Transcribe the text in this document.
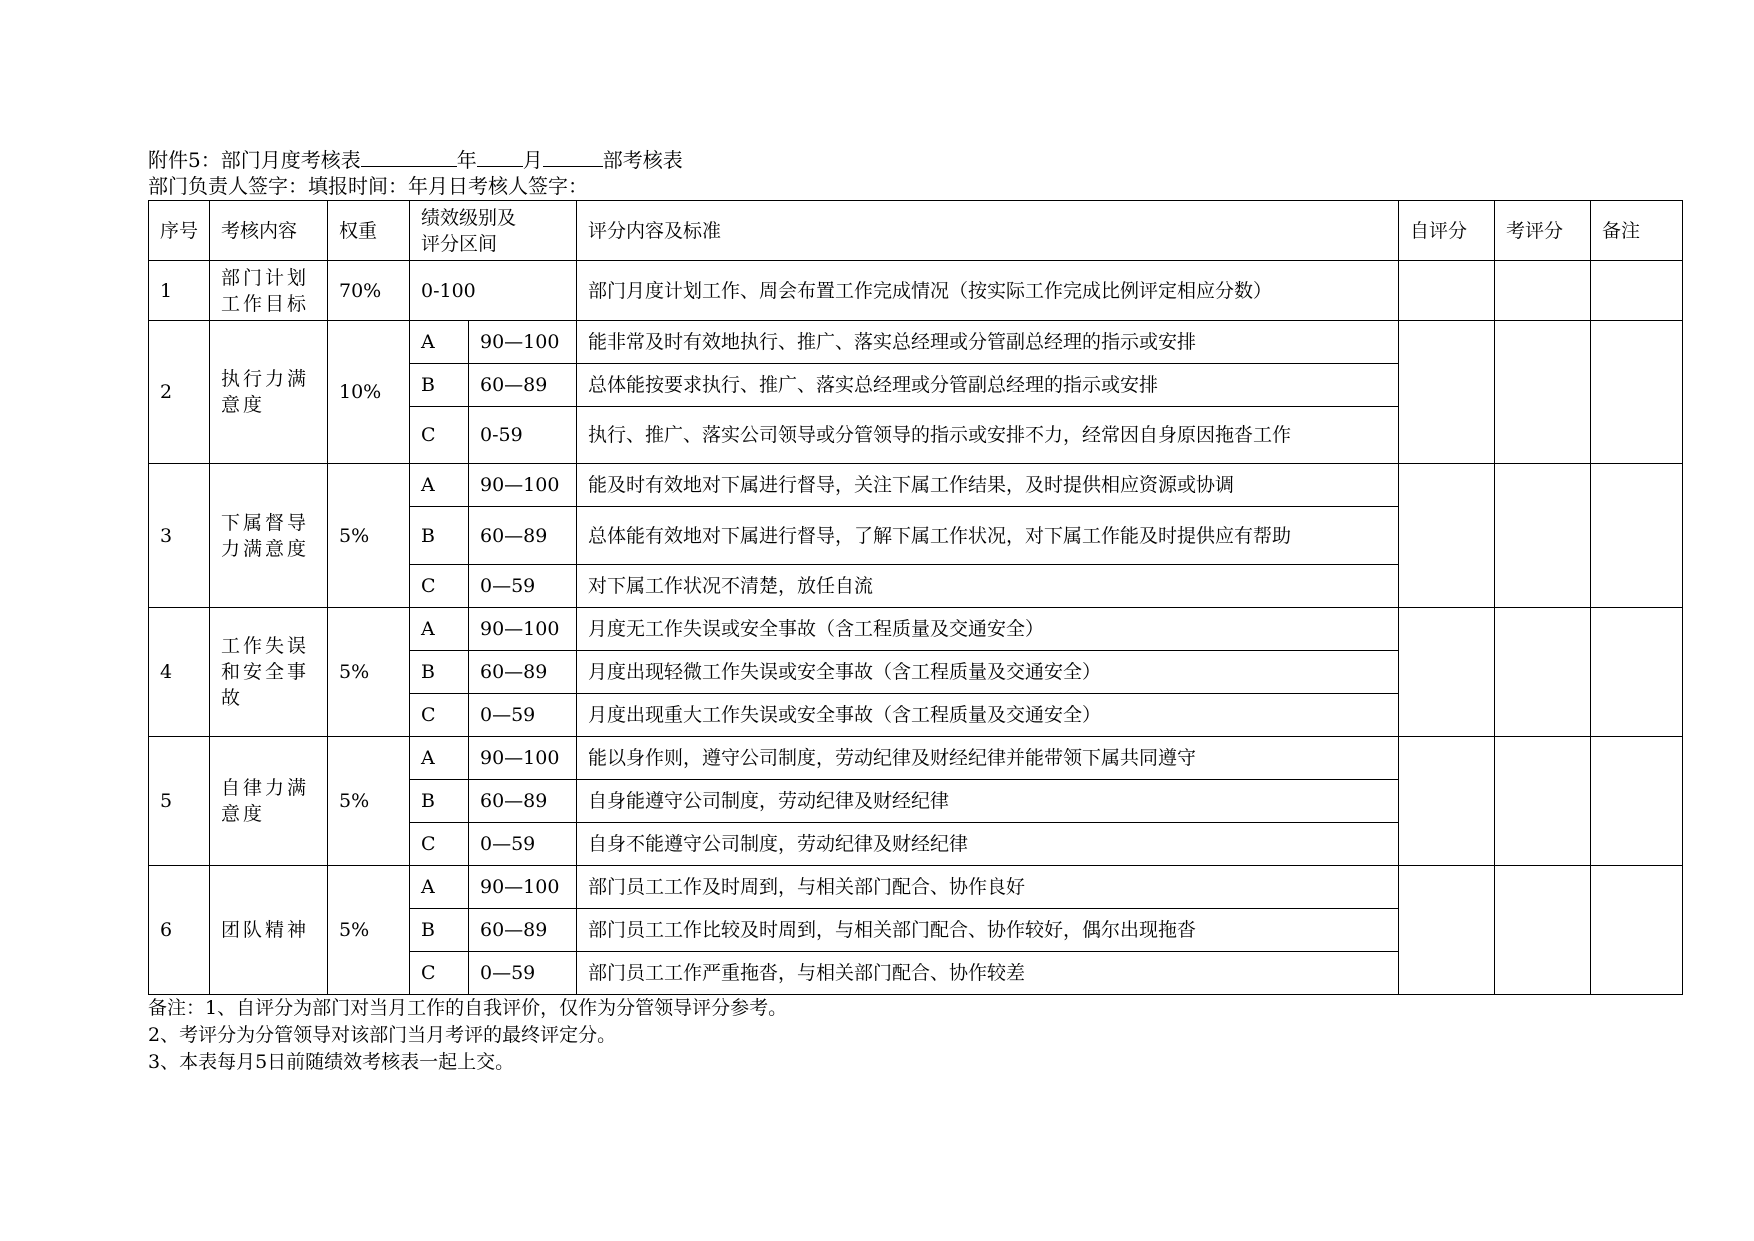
附件5：部门月度考核表	年 月	部考核表
部门负责人签字：填报时间：年月日考核人签字：
序号	考核内容	权重	绩效级别及评分区间		评分内容及标准	自评分	考评分	备注
1	部门计划工作目标	70%	0-100		部门月度计划工作、周会布置工作完成情况（按实际工作完成比例评定相应分数）			
2	执行力满意度	10%	A	90—100	能非常及时有效地执行、推广、落实总经理或分管副总经理的指示或安排			
			B	60—89	总体能按要求执行、推广、落实总经理或分管副总经理的指示或安排			
			C	0-59	执行、推广、落实公司领导或分管领导的指示或安排不力，经常因自身原因拖沓工作			
3	下属督导力满意度	5%	A	90—100	能及时有效地对下属进行督导，关注下属工作结果，及时提供相应资源或协调			
			B	60—89	总体能有效地对下属进行督导，了解下属工作状况，对下属工作能及时提供应有帮助			
			C	0—59	对下属工作状况不清楚，放任自流			
4	工作失误和安全事故	5%	A	90—100	月度无工作失误或安全事故（含工程质量及交通安全）			
			B	60—89	月度出现轻微工作失误或安全事故（含工程质量及交通安全）			
			C	0—59	月度出现重大工作失误或安全事故（含工程质量及交通安全）			
5	自律力满意度	5%	A	90—100	能以身作则，遵守公司制度，劳动纪律及财经纪律并能带领下属共同遵守			
			B	60—89	自身能遵守公司制度，劳动纪律及财经纪律			
			C	0—59	自身不能遵守公司制度，劳动纪律及财经纪律			
6	团队精神	5%	A	90—100	部门员工工作及时周到，与相关部门配合、协作良好			
			B	60—89	部门员工工作比较及时周到，与相关部门配合、协作较好，偶尔出现拖沓			
			C	0—59	部门员工工作严重拖沓，与相关部门配合、协作较差			
备注：1、自评分为部门对当月工作的自我评价，仅作为分管领导评分参考。
2、考评分为分管领导对该部门当月考评的最终评定分。
3、本表每月5日前随绩效考核表一起上交。
